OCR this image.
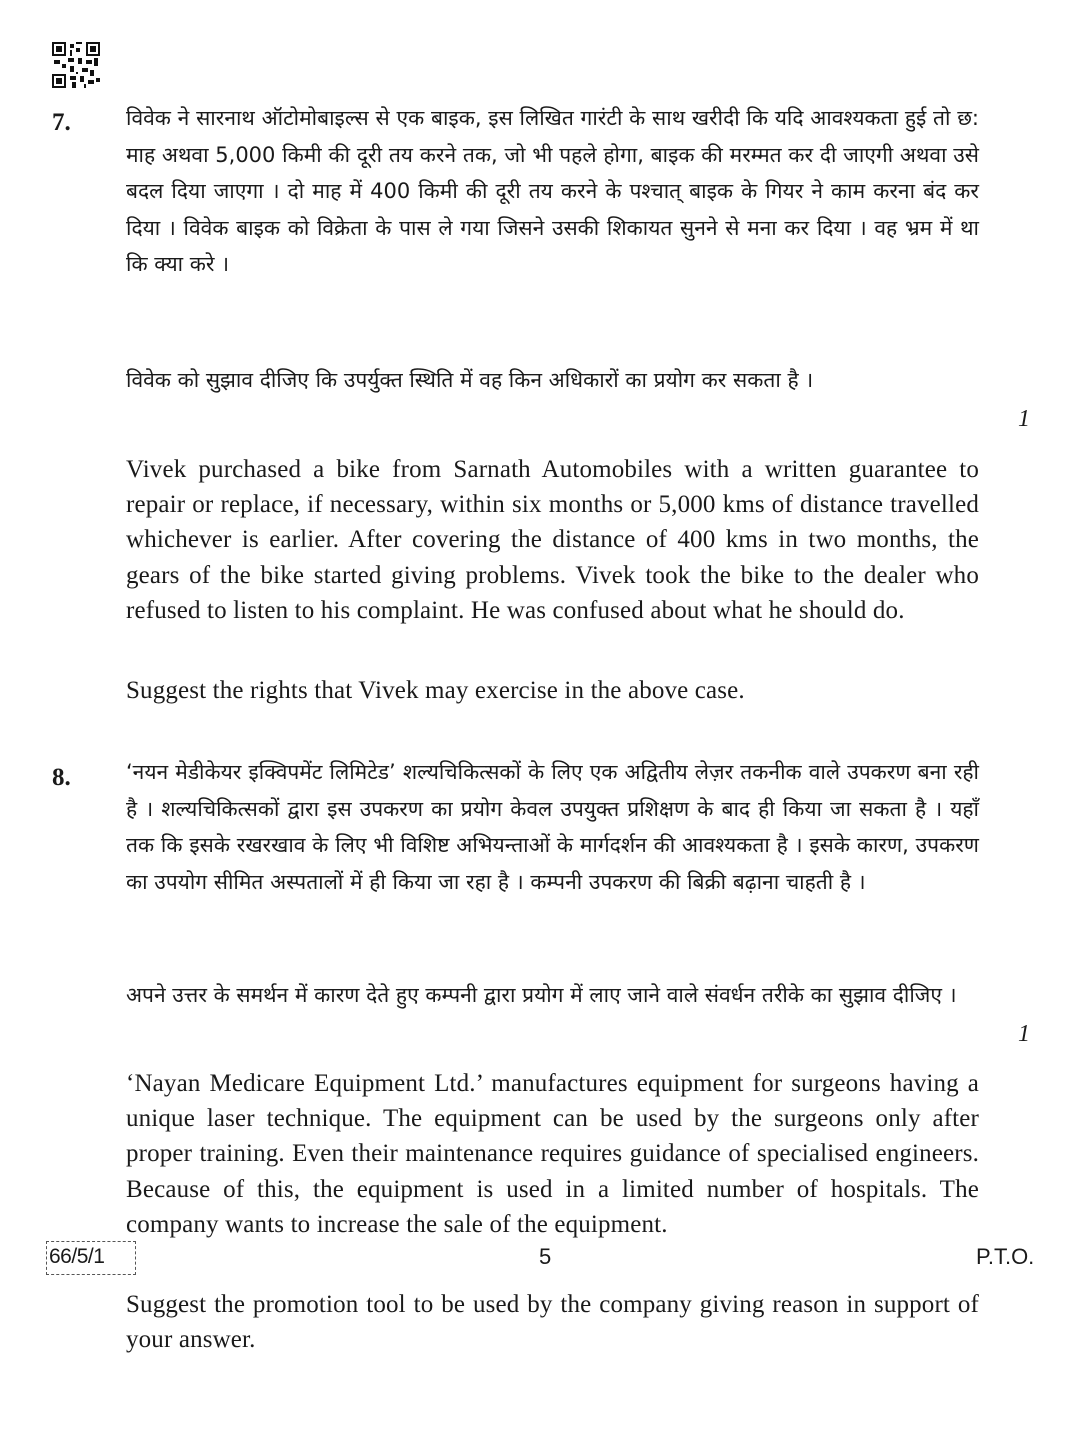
7.	विवेक ने सारनाथ ऑटोमोबाइल्स से एक बाइक, इस लिखित गारंटी के साथ खरीदी कि यदि आवश्यकता हुई तो छ: माह अथवा 5,000 किमी की दूरी तय करने तक, जो भी पहले होगा, बाइक की मरम्मत कर दी जाएगी अथवा उसे बदल दिया जाएगा । दो माह में 400 किमी की दूरी तय करने के पश्चात् बाइक के गियर ने काम करना बंद कर दिया । विवेक बाइक को विक्रेता के पास ले गया जिसने उसकी शिकायत सुनने से मना कर दिया । वह भ्रम में था कि क्या करे ।

विवेक को सुझाव दीजिए कि उपर्युक्त स्थिति में वह किन अधिकारों का प्रयोग कर सकता है ।

1

Vivek purchased a bike from Sarnath Automobiles with a written guarantee to repair or replace, if necessary, within six months or 5,000 kms of distance travelled whichever is earlier. After covering the distance of 400 kms in two months, the gears of the bike started giving problems. Vivek took the bike to the dealer who refused to listen to his complaint. He was confused about what he should do.

Suggest the rights that Vivek may exercise in the above case.

8.	‘नयन मेडीकेयर इक्विपमेंट लिमिटेड’ शल्यचिकित्सकों के लिए एक अद्वितीय लेज़र तकनीक वाले उपकरण बना रही है । शल्यचिकित्सकों द्वारा इस उपकरण का प्रयोग केवल उपयुक्त प्रशिक्षण के बाद ही किया जा सकता है । यहाँ तक कि इसके रखरखाव के लिए भी विशिष्ट अभियन्ताओं के मार्गदर्शन की आवश्यकता है । इसके कारण, उपकरण का उपयोग सीमित अस्पतालों में ही किया जा रहा है । कम्पनी उपकरण की बिक्री बढ़ाना चाहती है ।

अपने उत्तर के समर्थन में कारण देते हुए कम्पनी द्वारा प्रयोग में लाए जाने वाले संवर्धन तरीके का सुझाव दीजिए ।

1

‘Nayan Medicare Equipment Ltd.’ manufactures equipment for surgeons having a unique laser technique. The equipment can be used by the surgeons only after proper training. Even their maintenance requires guidance of specialised engineers. Because of this, the equipment is used in a limited number of hospitals. The company wants to increase the sale of the equipment.

Suggest the promotion tool to be used by the company giving reason in support of your answer.

66/5/1	5	P.T.O.
